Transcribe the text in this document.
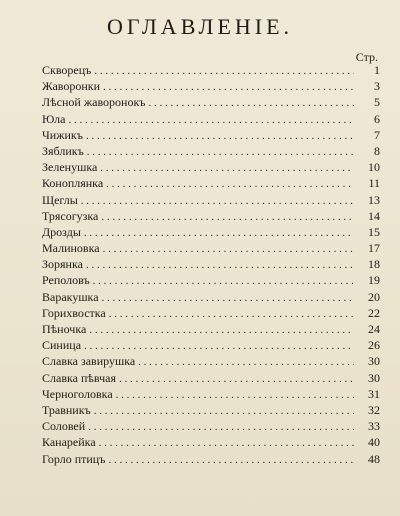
ОГЛАВЛЕНІЕ.
Стр.
Скворецъ . . .	1
Жаворонки . . .	3
Лѣсной жаворонокъ . . .	5
Юла . . .	6
Чижикъ . . .	7
Зябликъ . . .	8
Зеленушка . . .	10
Коноплянка . . .	11
Щеглы . . .	13
Трясогузка . . .	14
Дрозды . . .	15
Малиновка . . .	17
Зорянка . . .	18
Реполовъ . . .	19
Варакушка . . .	20
Горихвостка . . .	22
Пѣночка . . .	24
Синица . . .	26
Славка завирушка . . .	30
Славка пѣвчая . . .	30
Черноголовка . . .	31
Травникъ . . .	32
Соловей . . .	33
Канарейка . . .	40
Горло птицъ . . .	48
